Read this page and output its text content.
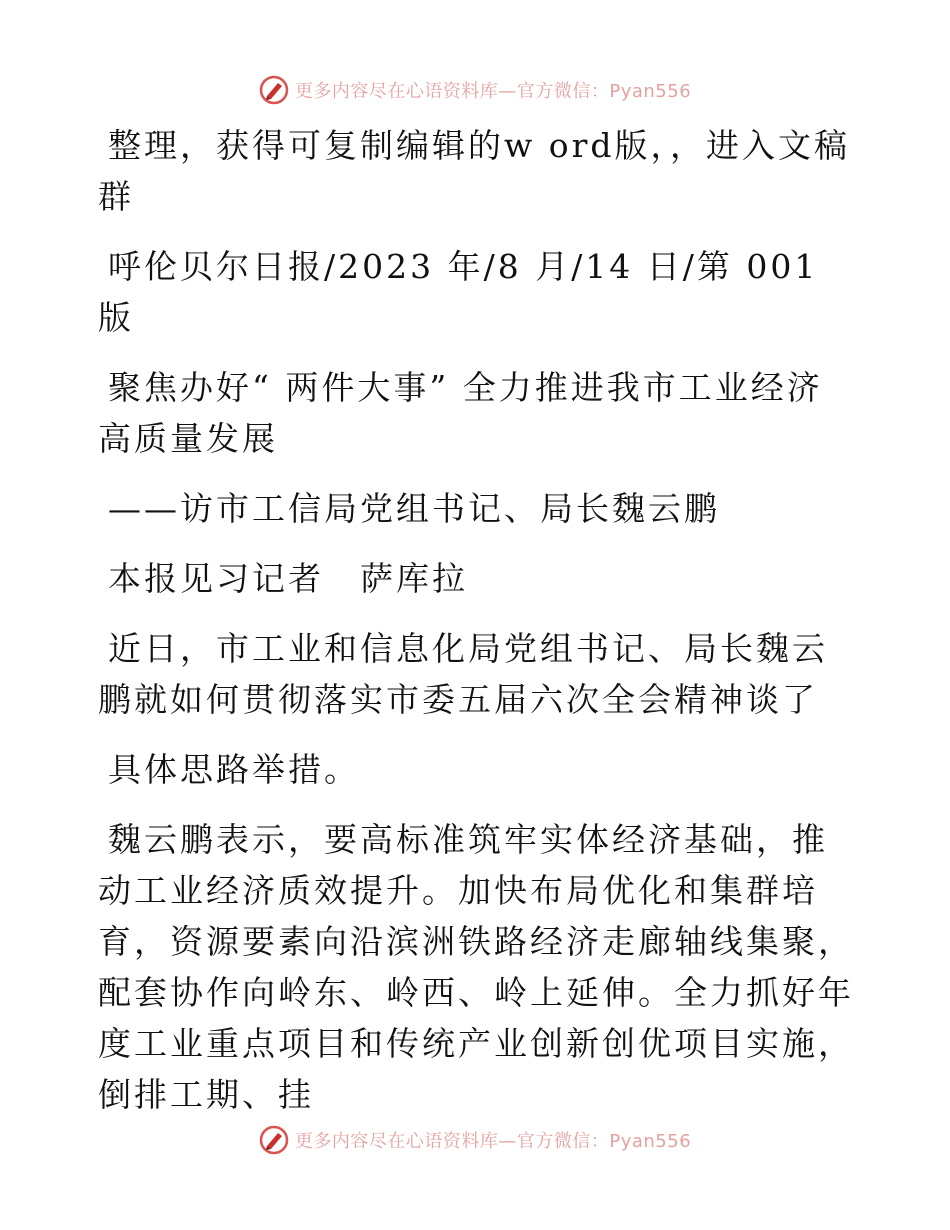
更多内容尽在心语资料库—官方微信：Pyan556

整理，获得可复制编辑的w ord版，，进入文稿群

呼伦贝尔日报/2023 年/8 月/14 日/第 001 版

聚焦办好“ 两件大事” 全力推进我市工业经济高质量发展

——访市工信局党组书记、局长魏云鹏

本报见习记者　萨库拉

近日，市工业和信息化局党组书记、局长魏云鹏就如何贯彻落实市委五届六次全会精神谈了

具体思路举措。

魏云鹏表示，要高标准筑牢实体经济基础，推动工业经济质效提升。加快布局优化和集群培育，资源要素向沿滨洲铁路经济走廊轴线集聚，配套协作向岭东、岭西、岭上延伸。全力抓好年度工业重点项目和传统产业创新创优项目实施，倒排工期、挂

更多内容尽在心语资料库—官方微信：Pyan556
